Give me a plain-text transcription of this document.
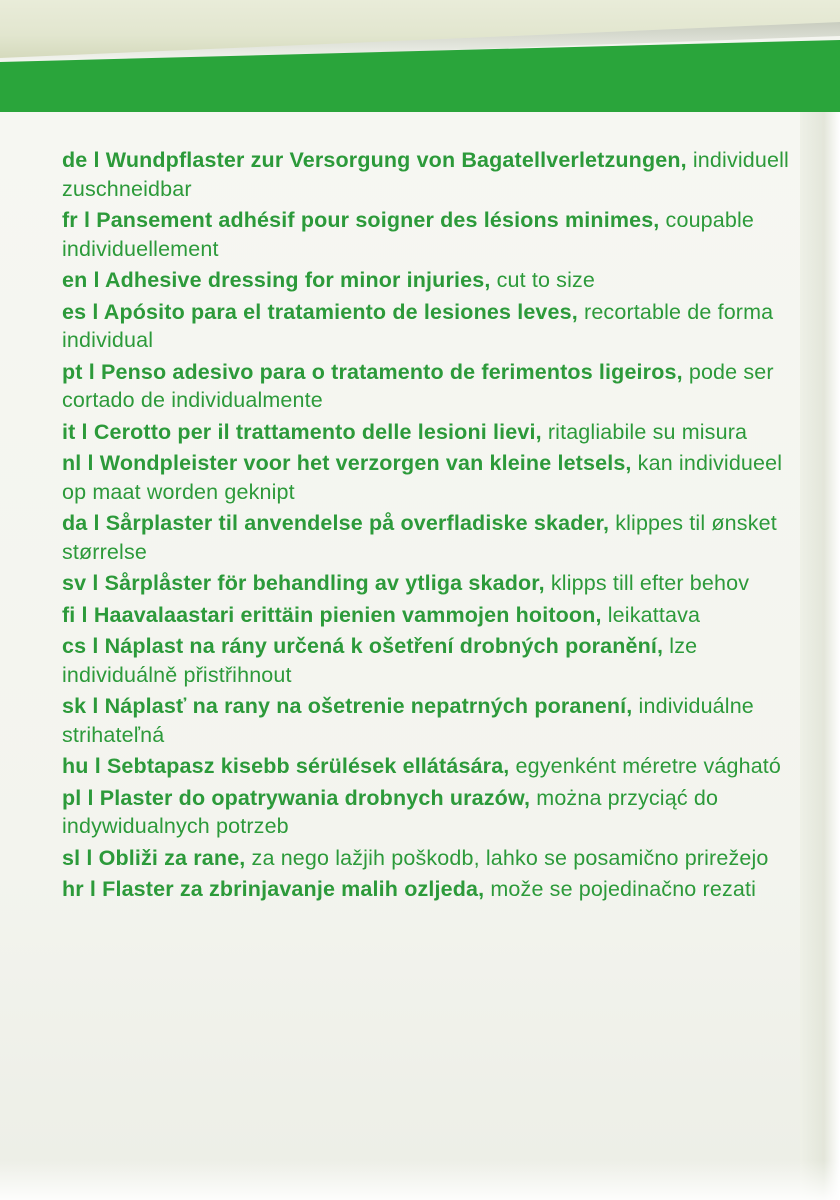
de l Wundpflaster zur Versorgung von Bagatellverletzungen, individuell zuschneidbar
fr l Pansement adhésif pour soigner des lésions minimes, coupable individuellement
en l Adhesive dressing for minor injuries, cut to size
es l Apósito para el tratamiento de lesiones leves, recortable de forma individual
pt l Penso adesivo para o tratamento de ferimentos ligeiros, pode ser cortado de individualmente
it l Cerotto per il trattamento delle lesioni lievi, ritagliabile su misura
nl l Wondpleister voor het verzorgen van kleine letsels, kan individueel op maat worden geknipt
da l Sårplaster til anvendelse på overfladiske skader, klippes til ønsket størrelse
sv l Sårplåster för behandling av ytliga skador, klipps till efter behov
fi l Haavalaastari erittäin pienien vammojen hoitoon, leikattava
cs l Náplast na rány určená k ošetření drobných poranění, lze individuálně přistřihnout
sk l Náplasť na rany na ošetrenie nepatrných poranení, individuálne strihateľná
hu l Sebtapasz kisebb sérülések ellátására, egyenként méretre vágható
pl l Plaster do opatrywania drobnych urazów, można przyciąć do indywidualnych potrzeb
sl l Obliži za rane, za nego lažjih poškodb, lahko se posamično prirežejo
hr l Flaster za zbrinjavanje malih ozljeda, može se pojedinačno rezati
